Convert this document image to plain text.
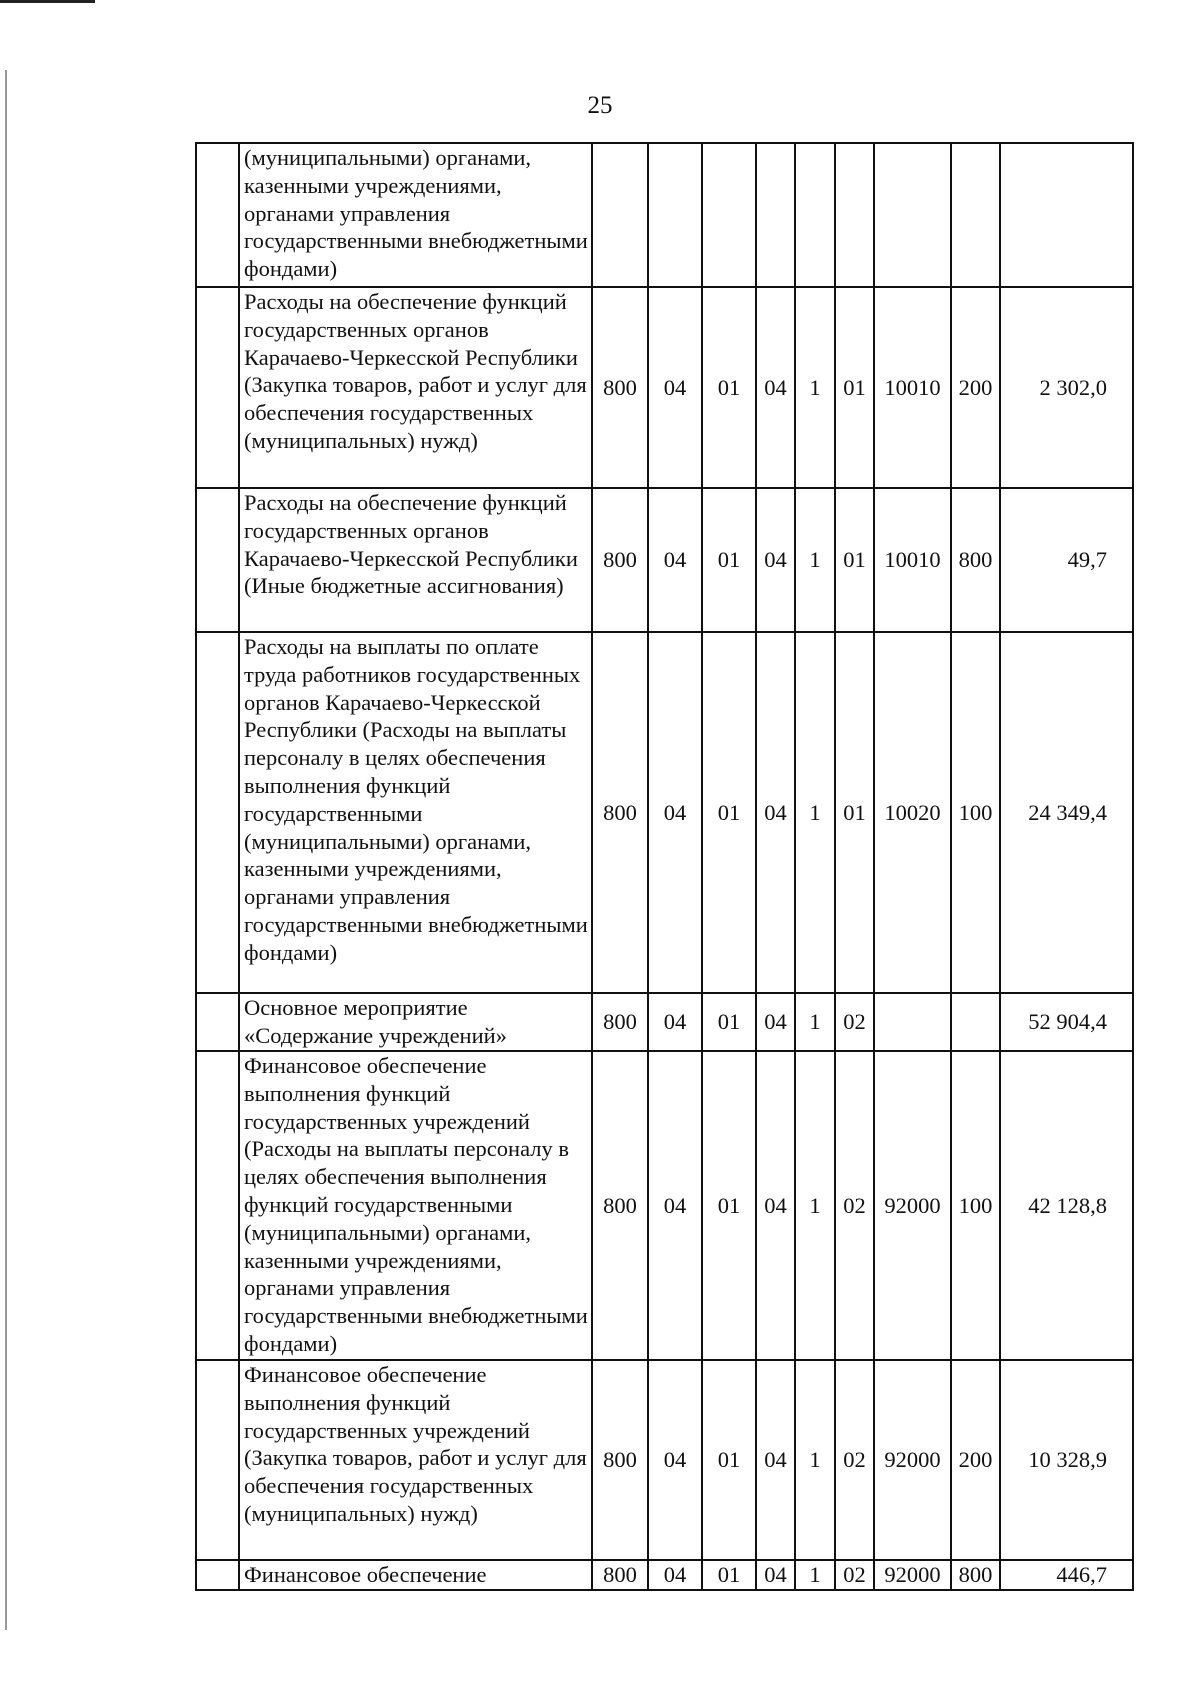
25
	(муниципальными) органами, казенными учреждениями, органами управления государственными внебюджетными фондами)									
	Расходы на обеспечение функций государственных органов Карачаево-Черкесской Республики (Закупка товаров, работ и услуг для обеспечения государственных (муниципальных) нужд)	800	04	01	04	1	01	10010	200	2 302,0
	Расходы на обеспечение функций государственных органов Карачаево-Черкесской Республики (Иные бюджетные ассигнования)	800	04	01	04	1	01	10010	800	49,7
	Расходы на выплаты по оплате труда работников государственных органов Карачаево-Черкесской Республики (Расходы на выплаты персоналу в целях обеспечения выполнения функций государственными (муниципальными) органами, казенными учреждениями, органами управления государственными внебюджетными фондами)	800	04	01	04	1	01	10020	100	24 349,4
	Основное мероприятие «Содержание учреждений»	800	04	01	04	1	02			52 904,4
	Финансовое обеспечение выполнения функций государственных учреждений (Расходы на выплаты персоналу в целях обеспечения выполнения функций государственными (муниципальными) органами, казенными учреждениями, органами управления государственными внебюджетными фондами)	800	04	01	04	1	02	92000	100	42 128,8
	Финансовое обеспечение выполнения функций государственных учреждений (Закупка товаров, работ и услуг для обеспечения государственных (муниципальных) нужд)	800	04	01	04	1	02	92000	200	10 328,9
	Финансовое обеспечение	800	04	01	04	1	02	92000	800	446,7
